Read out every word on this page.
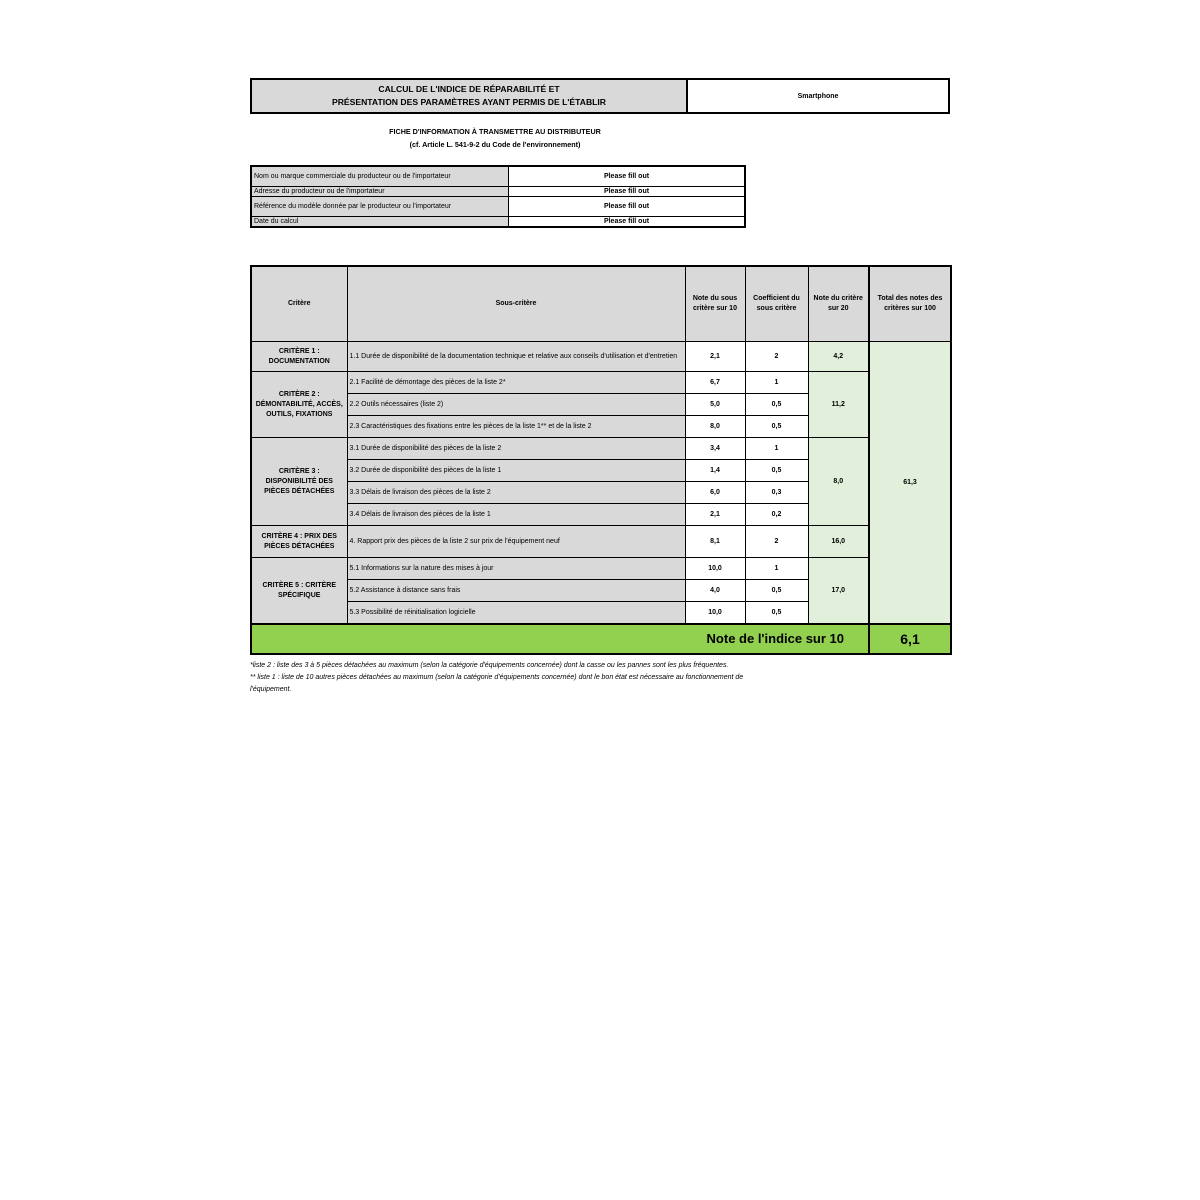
CALCUL DE L'INDICE DE RÉPARABILITÉ ET
PRÉSENTATION DES PARAMÈTRES AYANT PERMIS DE L'ÉTABLIR
Smartphone
FICHE D'INFORMATION À TRANSMETTRE AU DISTRIBUTEUR
(cf. Article L. 541-9-2 du Code de l'environnement)
Nom ou marque commerciale du producteur ou de l'importateur	Please fill out
Adresse du producteur ou de l'importateur	Please fill out
Référence du modèle donnée par le producteur ou l'importateur	Please fill out
Date du calcul	Please fill out
Critère	Sous-critère	Note du sous critère sur 10	Coefficient du sous critère	Note du critère sur 20	Total des notes des critères sur 100
CRITÈRE 1 : DOCUMENTATION	1.1 Durée de disponibilité de la documentation technique et relative aux conseils d'utilisation et d'entretien	2,1	2	4,2	61,3
CRITÈRE 2 : DÉMONTABILITÉ, ACCÈS, OUTILS, FIXATIONS	2.1 Facilité de démontage des pièces de la liste 2*	6,7	1	11,2	
	2.2 Outils nécessaires (liste 2)	5,0	0,5		
	2.3 Caractéristiques des fixations entre les pièces de la liste 1** et de la liste 2	8,0	0,5		
CRITÈRE 3 : DISPONIBILITÉ DES PIÈCES DÉTACHÉES	3.1 Durée de disponibilité des pièces de la liste 2	3,4	1	8,0	
	3.2 Durée de disponibilité des pièces de la liste 1	1,4	0,5		
	3.3 Délais de livraison des pièces de la liste 2	6,0	0,3		
	3.4 Délais de livraison des pièces de la liste 1	2,1	0,2		
CRITÈRE 4 : PRIX DES PIÈCES DÉTACHÉES	4. Rapport prix des pièces de la liste 2 sur prix de l'équipement neuf	8,1	2	16,0	
CRITÈRE 5 : CRITÈRE SPÉCIFIQUE	5.1 Informations sur la nature des mises à jour	10,0	1	17,0	
	5.2 Assistance à distance sans frais	4,0	0,5		
	5.3 Possibilité de réinitialisation logicielle	10,0	0,5		
Note de l'indice sur 10					6,1
*liste 2 : liste des 3 à 5 pièces détachées au maximum (selon la catégorie d'équipements concernée) dont la casse ou les pannes sont les plus fréquentes.
** liste 1 : liste de 10 autres pièces détachées au maximum (selon la catégorie d'équipements concernée) dont le bon état est nécessaire au fonctionnement de
l'équipement.
